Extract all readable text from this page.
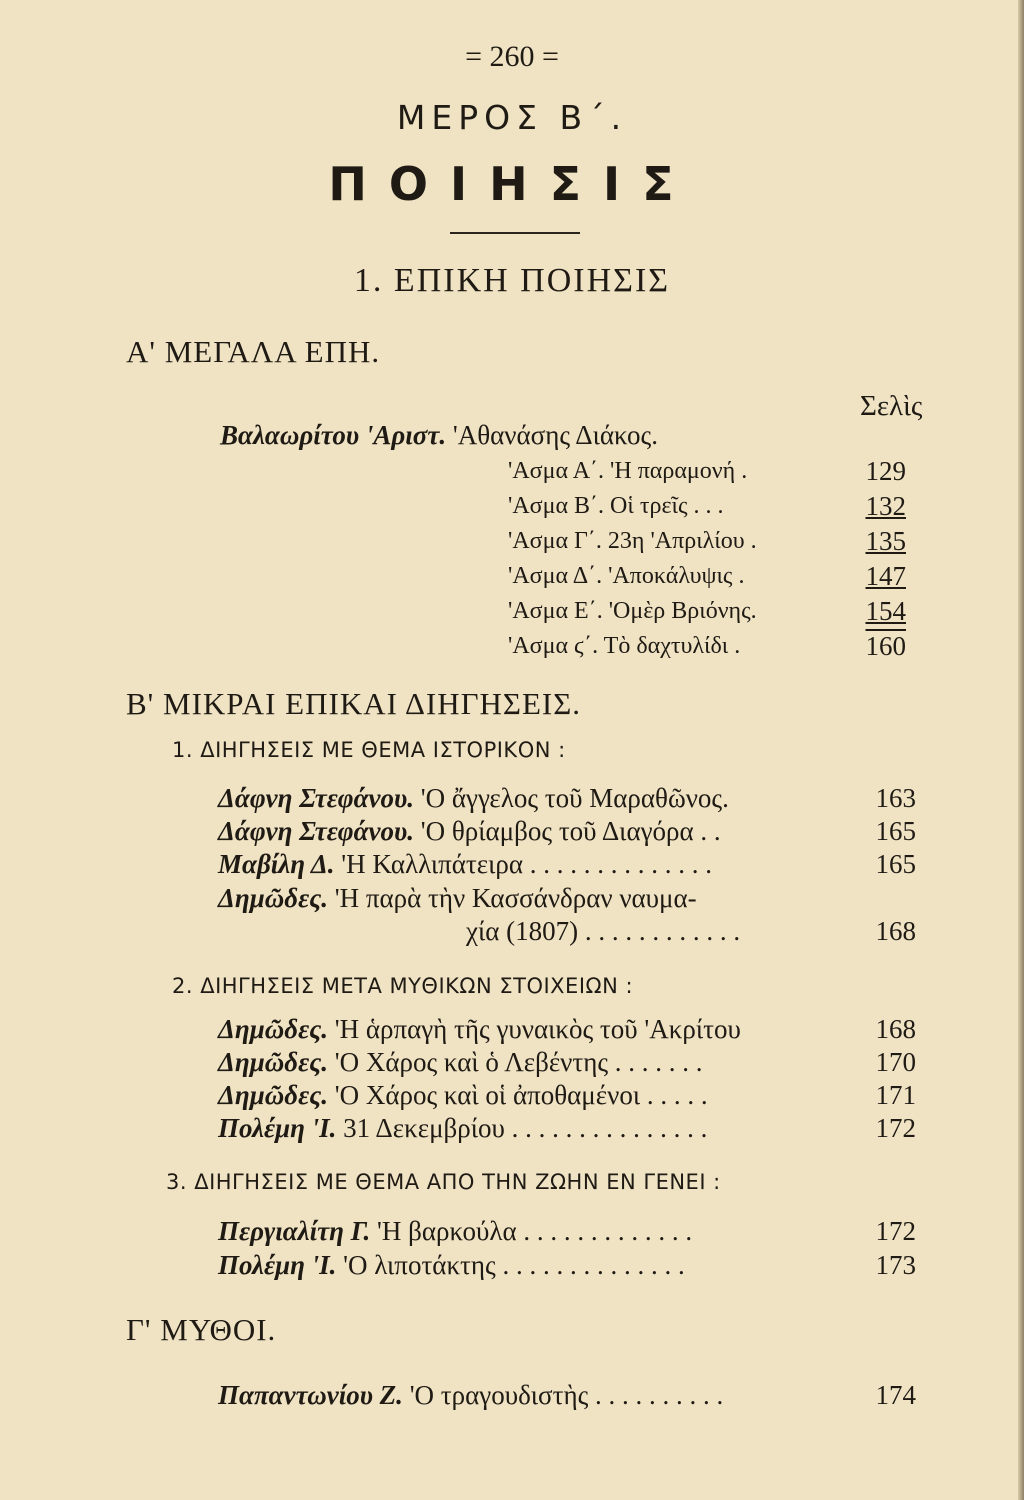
= 260 =
ΜΕΡΟΣ Β΄.
ΠΟΙΗΣΙΣ
1. ΕΠΙΚΗ ΠΟΙΗΣΙΣ
Α' ΜΕΓΑΛΑ ΕΠΗ.
Σελὶς
Βαλαωρίτου 'Αριστ. 'Αθανάσης Διάκος.
'Ασμα Α΄. 'Η παραμονή .	129
'Ασμα Β΄. Οἱ τρεῖς . . .	132
'Ασμα Γ΄. 23η 'Απριλίου .	135
'Ασμα Δ΄. 'Αποκάλυψις .	147
'Ασμα Ε΄. 'Ομὲρ Βριόνης.	154
'Ασμα ϛ΄. Τὸ δαχτυλίδι .	160
Β' ΜΙΚΡΑΙ ΕΠΙΚΑΙ ΔΙΗΓΗΣΕΙΣ.
1. ΔΙΗΓΗΣΕΙΣ ΜΕ ΘΕΜΑ ΙΣΤΟΡΙΚΟΝ :
Δάφνη Στεφάνου. 'Ο ἄγγελος τοῦ Μαραθῶνος.	163
Δάφνη Στεφάνου. 'Ο θρίαμβος τοῦ Διαγόρα . .	165
Μαβίλη Δ. 'Η Καλλιπάτειρα . . . . . . . . . . . . . .	165
Δημῶδες. 'Η παρὰ τὴν Κασσάνδραν ναυμα-
χία (1807) . . . . . . . . . . . .	168
2. ΔΙΗΓΗΣΕΙΣ ΜΕΤΑ ΜΥΘΙΚΩΝ ΣΤΟΙΧΕΙΩΝ :
Δημῶδες. 'Η ἁρπαγὴ τῆς γυναικὸς τοῦ 'Ακρίτου	168
Δημῶδες. 'Ο Χάρος καὶ ὁ Λεβέντης . . . . . . .	170
Δημῶδες. 'Ο Χάρος καὶ οἱ ἀποθαμένοι . . . . .	171
Πολέμη 'Ι. 31 Δεκεμβρίου . . . . . . . . . . . . . . .	172
3. ΔΙΗΓΗΣΕΙΣ ΜΕ ΘΕΜΑ ΑΠΟ ΤΗΝ ΖΩΗΝ ΕΝ ΓΕΝΕΙ :
Περγιαλίτη Γ. 'Η βαρκούλα . . . . . . . . . . . . .	172
Πολέμη 'Ι. 'Ο λιποτάκτης . . . . . . . . . . . . . .	173
Γ' ΜΥΘΟΙ.
Παπαντωνίου Ζ. 'Ο τραγουδιστὴς . . . . . . . . . .	174
